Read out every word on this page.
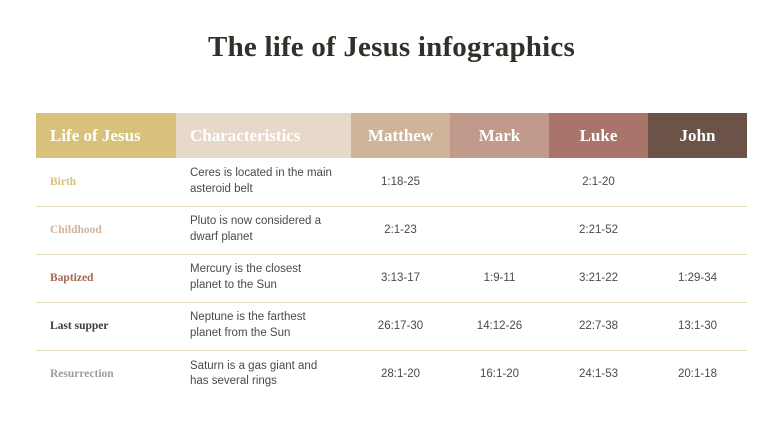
The life of Jesus infographics
Life of Jesus	Characteristics	Matthew	Mark	Luke	John
Birth	Ceres is located in the main asteroid belt	1:18-25		2:1-20	
Childhood	Pluto is now considered a dwarf planet	2:1-23		2:21-52	
Baptized	Mercury is the closest planet to the Sun	3:13-17	1:9-11	3:21-22	1:29-34
Last supper	Neptune is the farthest planet from the Sun	26:17-30	14:12-26	22:7-38	13:1-30
Resurrection	Saturn is a gas giant and has several rings	28:1-20	16:1-20	24:1-53	20:1-18
